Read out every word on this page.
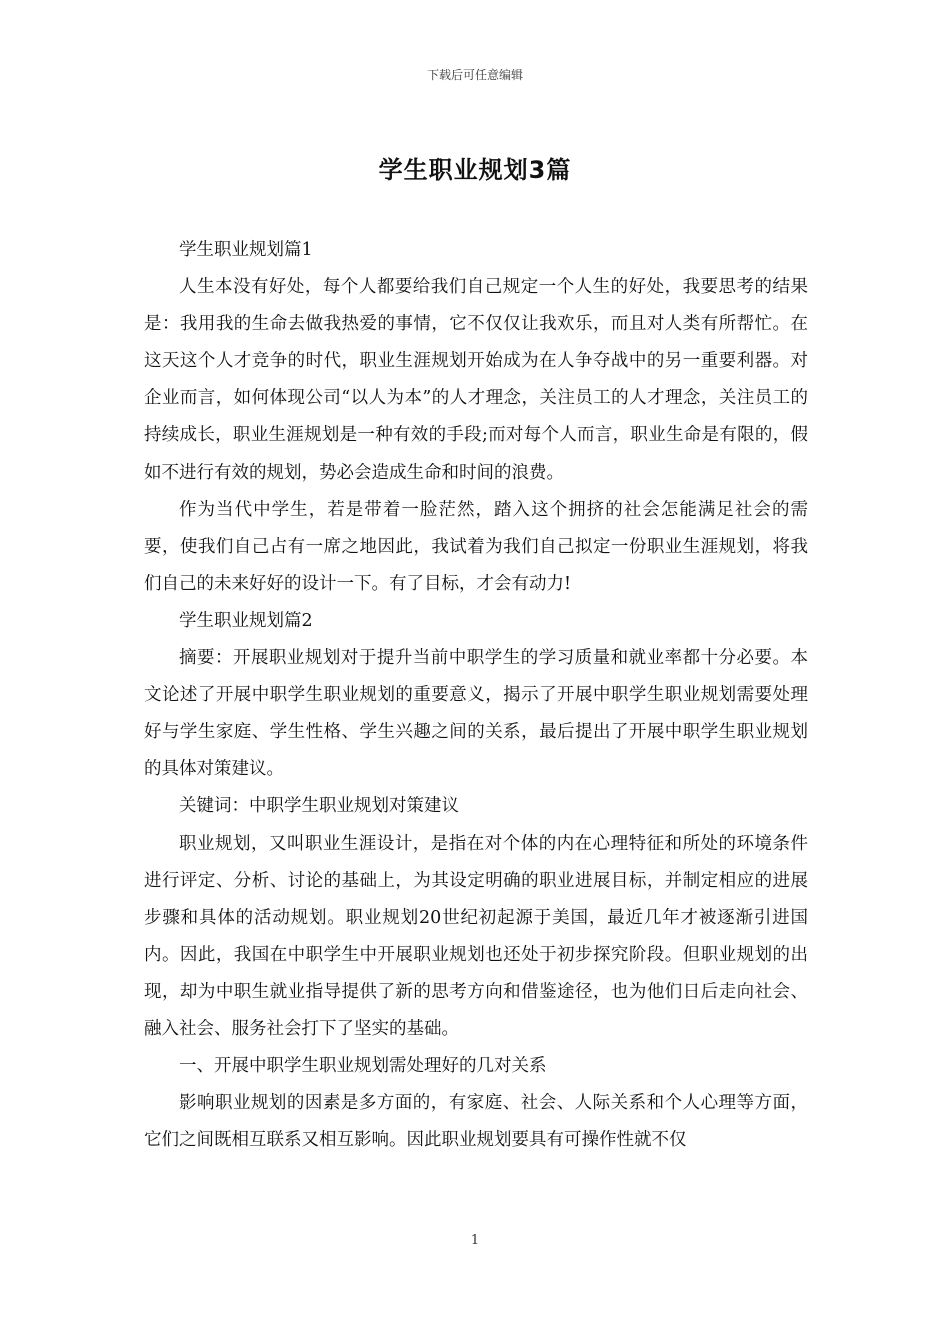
下载后可任意编辑
学生职业规划3篇

学生职业规划篇1

人生本没有好处，每个人都要给我们自己规定一个人生的好处，我要思考的结果是：我用我的生命去做我热爱的事情，它不仅仅让我欢乐，而且对人类有所帮忙。在这天这个人才竞争的时代，职业生涯规划开始成为在人争夺战中的另一重要利器。对企业而言，如何体现公司“以人为本”的人才理念，关注员工的人才理念，关注员工的持续成长，职业生涯规划是一种有效的手段;而对每个人而言，职业生命是有限的，假如不进行有效的规划，势必会造成生命和时间的浪费。

作为当代中学生，若是带着一脸茫然，踏入这个拥挤的社会怎能满足社会的需要，使我们自己占有一席之地因此，我试着为我们自己拟定一份职业生涯规划，将我们自己的未来好好的设计一下。有了目标，才会有动力!

学生职业规划篇2

摘要：开展职业规划对于提升当前中职学生的学习质量和就业率都十分必要。本文论述了开展中职学生职业规划的重要意义，揭示了开展中职学生职业规划需要处理好与学生家庭、学生性格、学生兴趣之间的关系，最后提出了开展中职学生职业规划的具体对策建议。

关键词：中职学生职业规划对策建议

职业规划，又叫职业生涯设计，是指在对个体的内在心理特征和所处的环境条件进行评定、分析、讨论的基础上，为其设定明确的职业进展目标，并制定相应的进展步骤和具体的活动规划。职业规划20世纪初起源于美国，最近几年才被逐渐引进国内。因此，我国在中职学生中开展职业规划也还处于初步探究阶段。但职业规划的出现，却为中职生就业指导提供了新的思考方向和借鉴途径，也为他们日后走向社会、融入社会、服务社会打下了坚实的基础。

一、开展中职学生职业规划需处理好的几对关系

影响职业规划的因素是多方面的，有家庭、社会、人际关系和个人心理等方面，它们之间既相互联系又相互影响。因此职业规划要具有可操作性就不仅

1
